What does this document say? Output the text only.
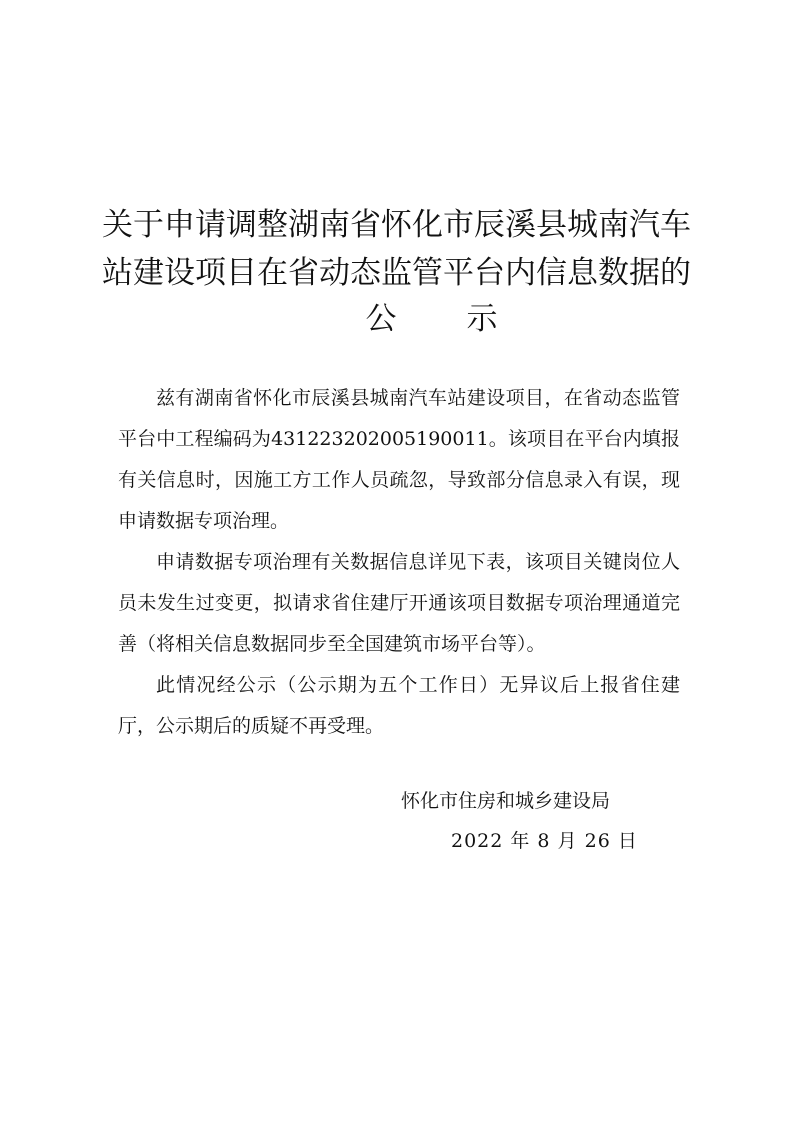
关于申请调整湖南省怀化市辰溪县城南汽车
站建设项目在省动态监管平台内信息数据的
公示

兹有湖南省怀化市辰溪县城南汽车站建设项目，在省动态监管平台中工程编码为431223202005190011。该项目在平台内填报有关信息时，因施工方工作人员疏忽，导致部分信息录入有误，现申请数据专项治理。

申请数据专项治理有关数据信息详见下表，该项目关键岗位人员未发生过变更，拟请求省住建厅开通该项目数据专项治理通道完善（将相关信息数据同步至全国建筑市场平台等）。

此情况经公示（公示期为五个工作日）无异议后上报省住建厅，公示期后的质疑不再受理。

怀化市住房和城乡建设局
2022 年 8 月 26 日
